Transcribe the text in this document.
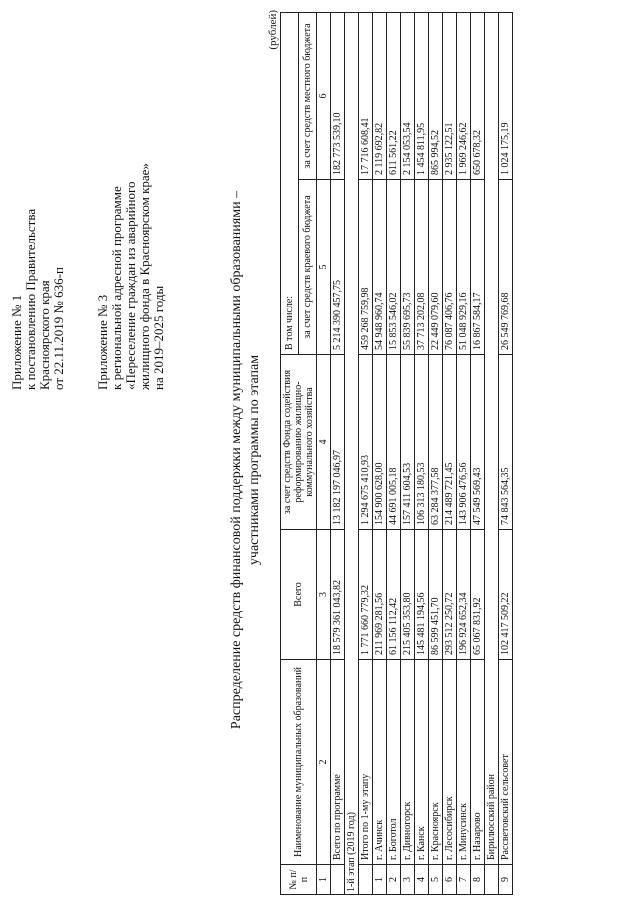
Приложение № 1 к постановлению Правительства Красноярского края от 22.11.2019 № 636-п Приложение № 3 к региональной адресной программе «Переселение граждан из аварийного жилищного фонда в Красноярском крае» на 2019–2025 годы	Распределение средств финансовой поддержки между муниципальными образованиями – участниками программы по этапам
(рублей)
№ п/п	Наименование муниципальных образований	Всего	за счет средств Фонда содействия реформированию жилищно-коммунального хозяйства	В том числе:	
				за счет средств краевого бюджета	за счет средств местного бюджета
1	2	3	4	5	6
	Всего по программе	18 579 361 043,82	13 182 197 046,97	5 214 390 457,75	182 773 539,10
1-й этап (2019 год)					
	Итого по 1-му этапу	1 771 660 779,32	1 294 675 410,93	459 268 759,98	17 716 608,41
1	г. Ачинск	211 969 281,56	154 900 628,00	54 948 960,74	2 119 692,82
2	г. Боготол	61 156 112,42	44 691 005,18	15 853 546,02	611 561,22
3	г. Дивногорск	215 405 353,80	157 411 604,53	55 839 695,73	2 154 053,54
4	г. Канск	145 481 194,56	106 313 180,53	37 713 202,08	1 454 811,95
5	г. Красноярск	86 599 451,70	63 284 377,58	22 449 079,60	865 994,52
6	г. Лесосибирск	293 512 250,72	214 489 721,45	76 087 406,76	2 935 122,51
7	г. Минусинск	196 924 652,34	143 906 476,56	51 048 929,16	1 969 246,62
8	г. Назарово	65 067 831,92	47 549 569,43	16 867 584,17	650 678,32
	Бирилюсский район				
9	Рассветовский сельсовет	102 417 509,22	74 843 564,35	26 549 769,68	1 024 175,19
